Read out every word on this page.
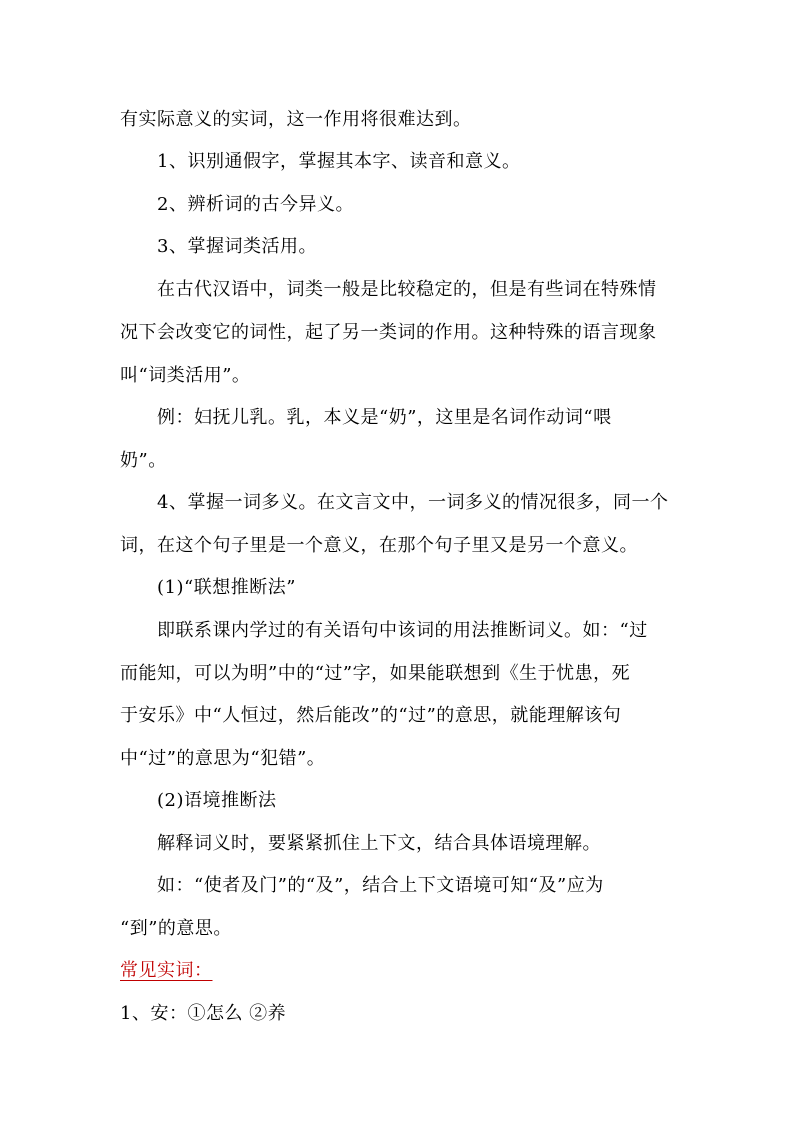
有实际意义的实词，这一作用将很难达到。
1、识别通假字，掌握其本字、读音和意义。
2、辨析词的古今异义。
3、掌握词类活用。
在古代汉语中，词类一般是比较稳定的，但是有些词在特殊情
况下会改变它的词性，起了另一类词的作用。这种特殊的语言现象
叫“词类活用”。
例：妇抚儿乳。乳，本义是“奶”，这里是名词作动词“喂
奶”。
4、掌握一词多义。在文言文中，一词多义的情况很多，同一个
词，在这个句子里是一个意义，在那个句子里又是另一个意义。
(1)“联想推断法”
即联系课内学过的有关语句中该词的用法推断词义。如：“过
而能知，可以为明”中的“过”字，如果能联想到《生于忧患，死
于安乐》中“人恒过，然后能改”的“过”的意思，就能理解该句
中“过”的意思为“犯错”。
(2)语境推断法
解释词义时，要紧紧抓住上下文，结合具体语境理解。
如：“使者及门”的“及”，结合上下文语境可知“及”应为
“到”的意思。
常见实词：
1、安：①怎么 ②养
